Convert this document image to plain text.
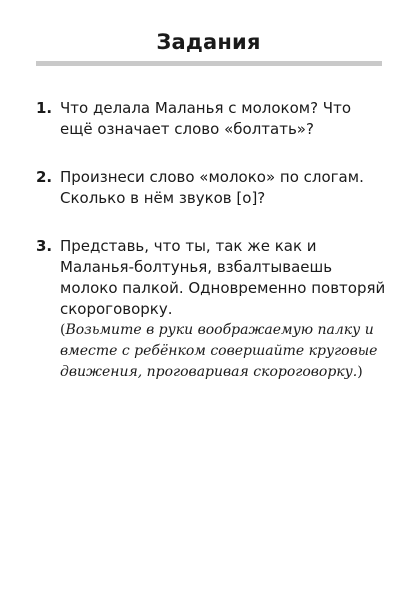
Задания
1. Что делала Маланья с молоком? Что ещё означает слово «болтать»?
2. Произнеси слово «молоко» по слогам. Сколько в нём звуков [о]?
3. Представь, что ты, так же как и Маланья-болтунья, взбалтываешь молоко палкой. Одновременно повторяй скороговорку.
(Возьмите в руки воображаемую палку и вместе с ребёнком совершайте круговые движения, проговаривая скороговорку.)
